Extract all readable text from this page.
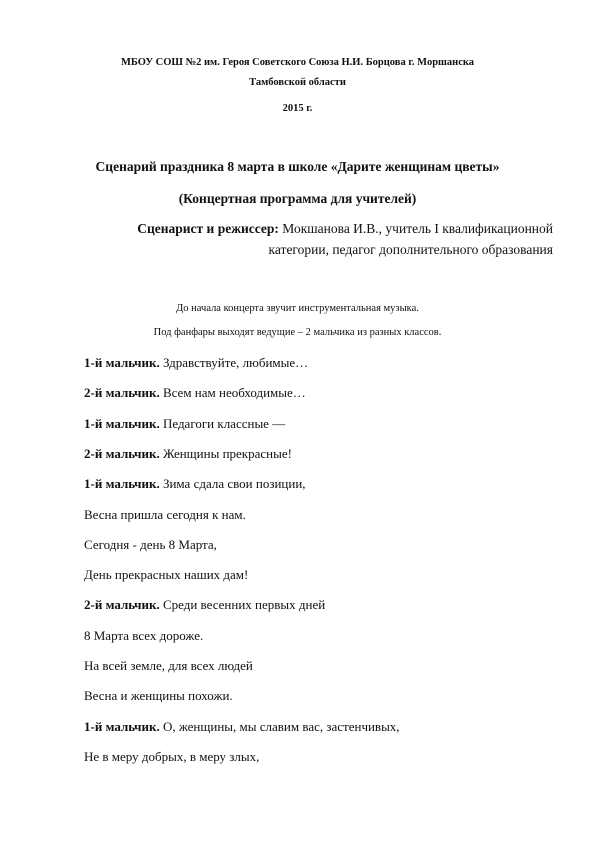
МБОУ СОШ №2 им. Героя Советского Союза Н.И. Борцова г. Моршанска
Тамбовской области
2015 г.
Сценарий праздника 8 марта в школе «Дарите женщинам цветы»
(Концертная программа для учителей)
Сценарист и режиссер: Мокшанова И.В., учитель I квалификационной
категории, педагог дополнительного образования
До начала концерта звучит инструментальная музыка.
Под фанфары выходят ведущие – 2 мальчика из разных классов.
1-й мальчик. Здравствуйте, любимые…
2-й мальчик. Всем нам необходимые…
1-й мальчик. Педагоги классные —
2-й мальчик. Женщины прекрасные!
1-й мальчик. Зима сдала свои позиции,
Весна пришла сегодня к нам.
Сегодня - день 8 Марта,
День прекрасных наших дам!
2-й мальчик. Среди весенних первых дней
8 Марта всех дороже.
На всей земле, для всех людей
Весна и женщины похожи.
1-й мальчик. О, женщины, мы славим вас, застенчивых,
Не в меру добрых, в меру злых,
